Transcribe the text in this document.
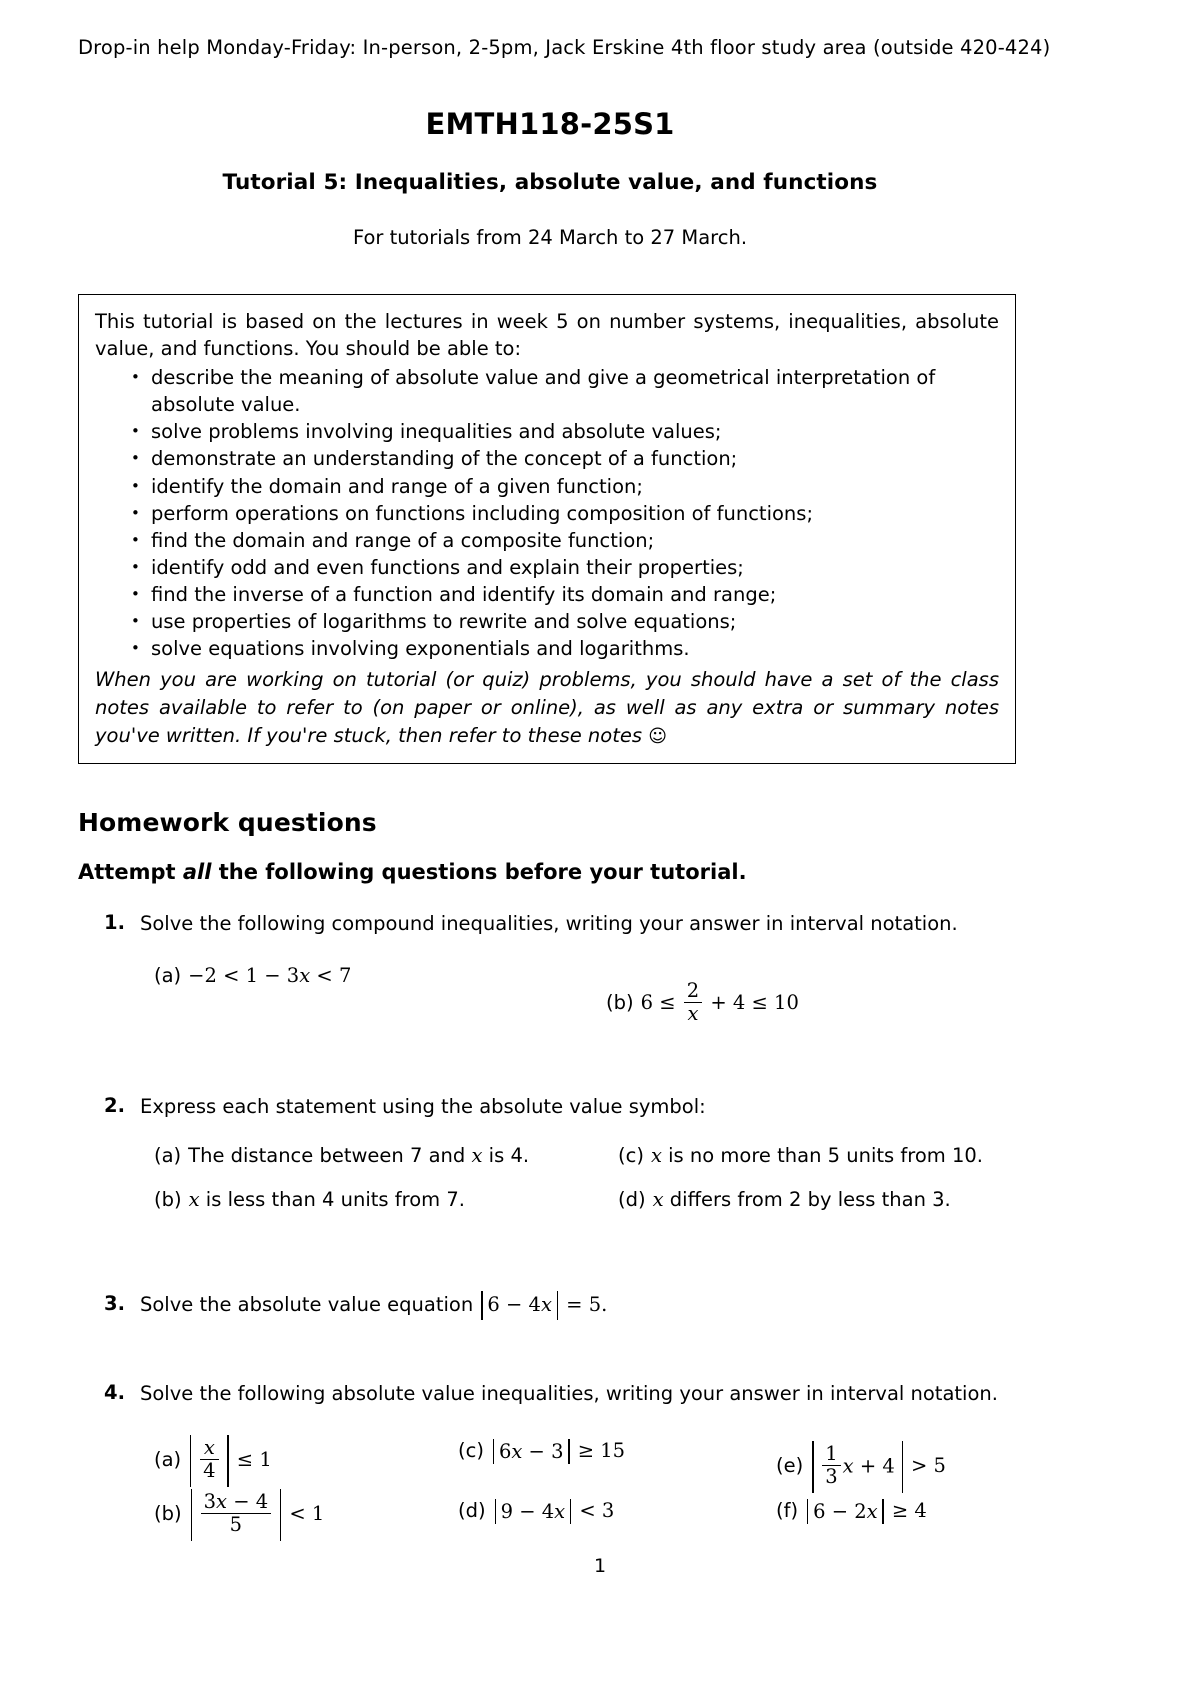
Drop-in help Monday-Friday: In-person, 2-5pm, Jack Erskine 4th floor study area (outside 420-424)
EMTH118-25S1
Tutorial 5: Inequalities, absolute value, and functions
For tutorials from 24 March to 27 March.
This tutorial is based on the lectures in week 5 on number systems, inequalities, absolute value, and functions. You should be able to:
• describe the meaning of absolute value and give a geometrical interpretation of absolute value.
• solve problems involving inequalities and absolute values;
• demonstrate an understanding of the concept of a function;
• identify the domain and range of a given function;
• perform operations on functions including composition of functions;
• find the domain and range of a composite function;
• identify odd and even functions and explain their properties;
• find the inverse of a function and identify its domain and range;
• use properties of logarithms to rewrite and solve equations;
• solve equations involving exponentials and logarithms.
When you are working on tutorial (or quiz) problems, you should have a set of the class notes available to refer to (on paper or online), as well as any extra or summary notes you've written. If you're stuck, then refer to these notes ☺
Homework questions
Attempt all the following questions before your tutorial.
1. Solve the following compound inequalities, writing your answer in interval notation.
(a) −2 < 1 − 3x < 7
(b) $6 \le \frac{2}{x} + 4 \le 10$
2. Express each statement using the absolute value symbol:
(a) The distance between 7 and x is 4.
(b) x is less than 4 units from 7.
(c) x is no more than 5 units from 10.
(d) x differs from 2 by less than 3.
3. Solve the absolute value equation 6 − 4x = 5.
4. Solve the following absolute value inequalities, writing your answer in interval notation.
$(a) \frac{x}{4} \le 1$
$(b) \frac{3x - 4}{5} < 1$
(c) 6x − 3 ≥ 15
(d) 9 − 4x < 3
$(e) \frac{1}{3}$ x + 4 > 5
(f) 6 − 2x ≥ 4
1
